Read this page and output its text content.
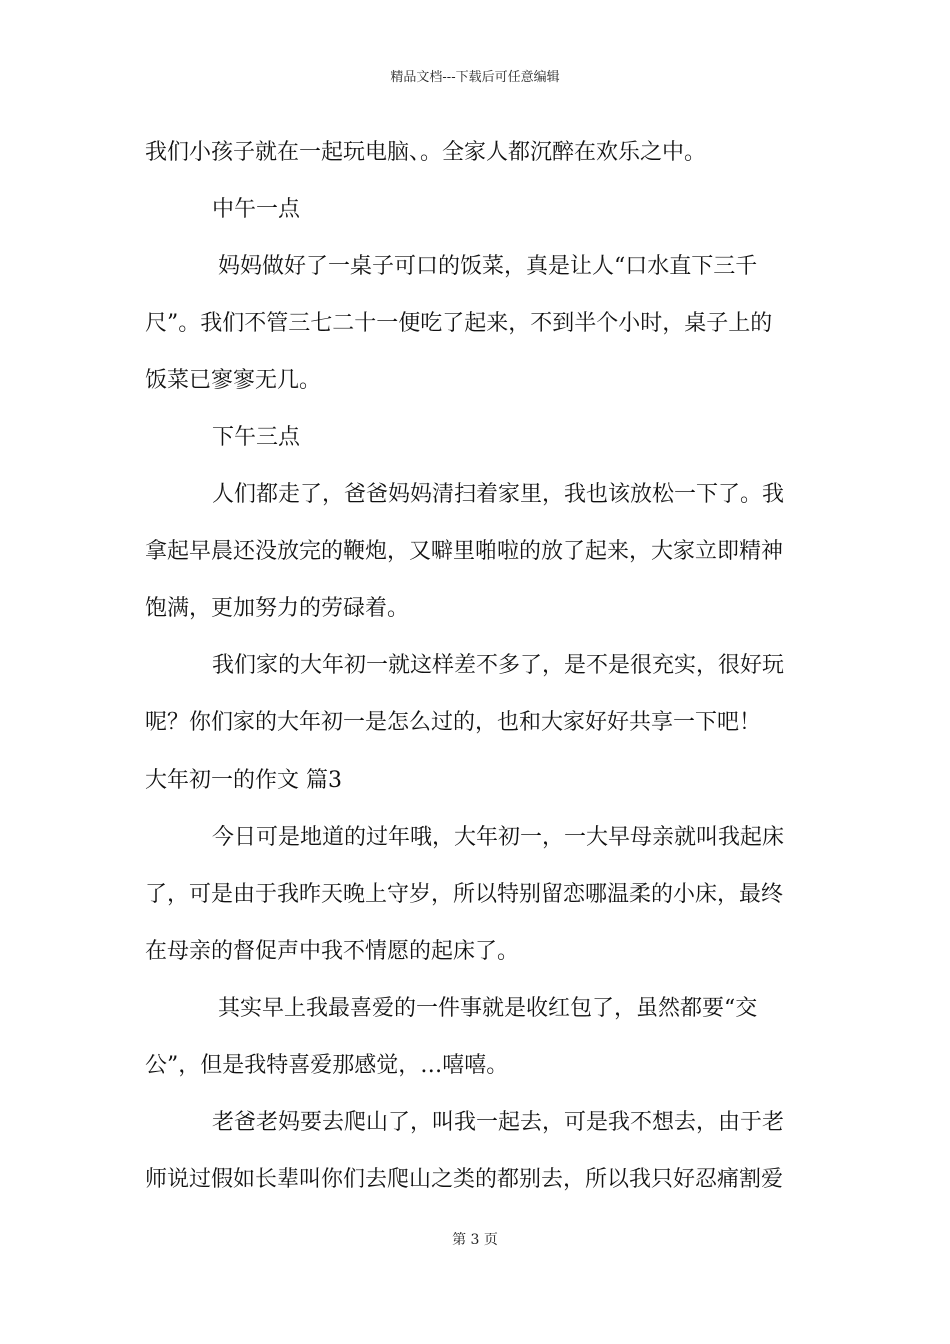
精品文档---下载后可任意编辑
我们小孩子就在一起玩电脑、。全家人都沉醉在欢乐之中。
中午一点
妈妈做好了一桌子可口的饭菜，真是让人“口水直下三千
尺”。我们不管三七二十一便吃了起来，不到半个小时，桌子上的
饭菜已寥寥无几。
下午三点
人们都走了，爸爸妈妈清扫着家里，我也该放松一下了。我
拿起早晨还没放完的鞭炮，又噼里啪啦的放了起来，大家立即精神
饱满，更加努力的劳碌着。
我们家的大年初一就这样差不多了，是不是很充实，很好玩
呢？你们家的大年初一是怎么过的，也和大家好好共享一下吧！
大年初一的作文 篇3
今日可是地道的过年哦，大年初一，一大早母亲就叫我起床
了，可是由于我昨天晚上守岁，所以特别留恋哪温柔的小床，最终
在母亲的督促声中我不情愿的起床了。
其实早上我最喜爱的一件事就是收红包了，虽然都要“交
公”，但是我特喜爱那感觉，…嘻嘻。
老爸老妈要去爬山了，叫我一起去，可是我不想去，由于老
师说过假如长辈叫你们去爬山之类的都别去，所以我只好忍痛割爱
第 3 页
